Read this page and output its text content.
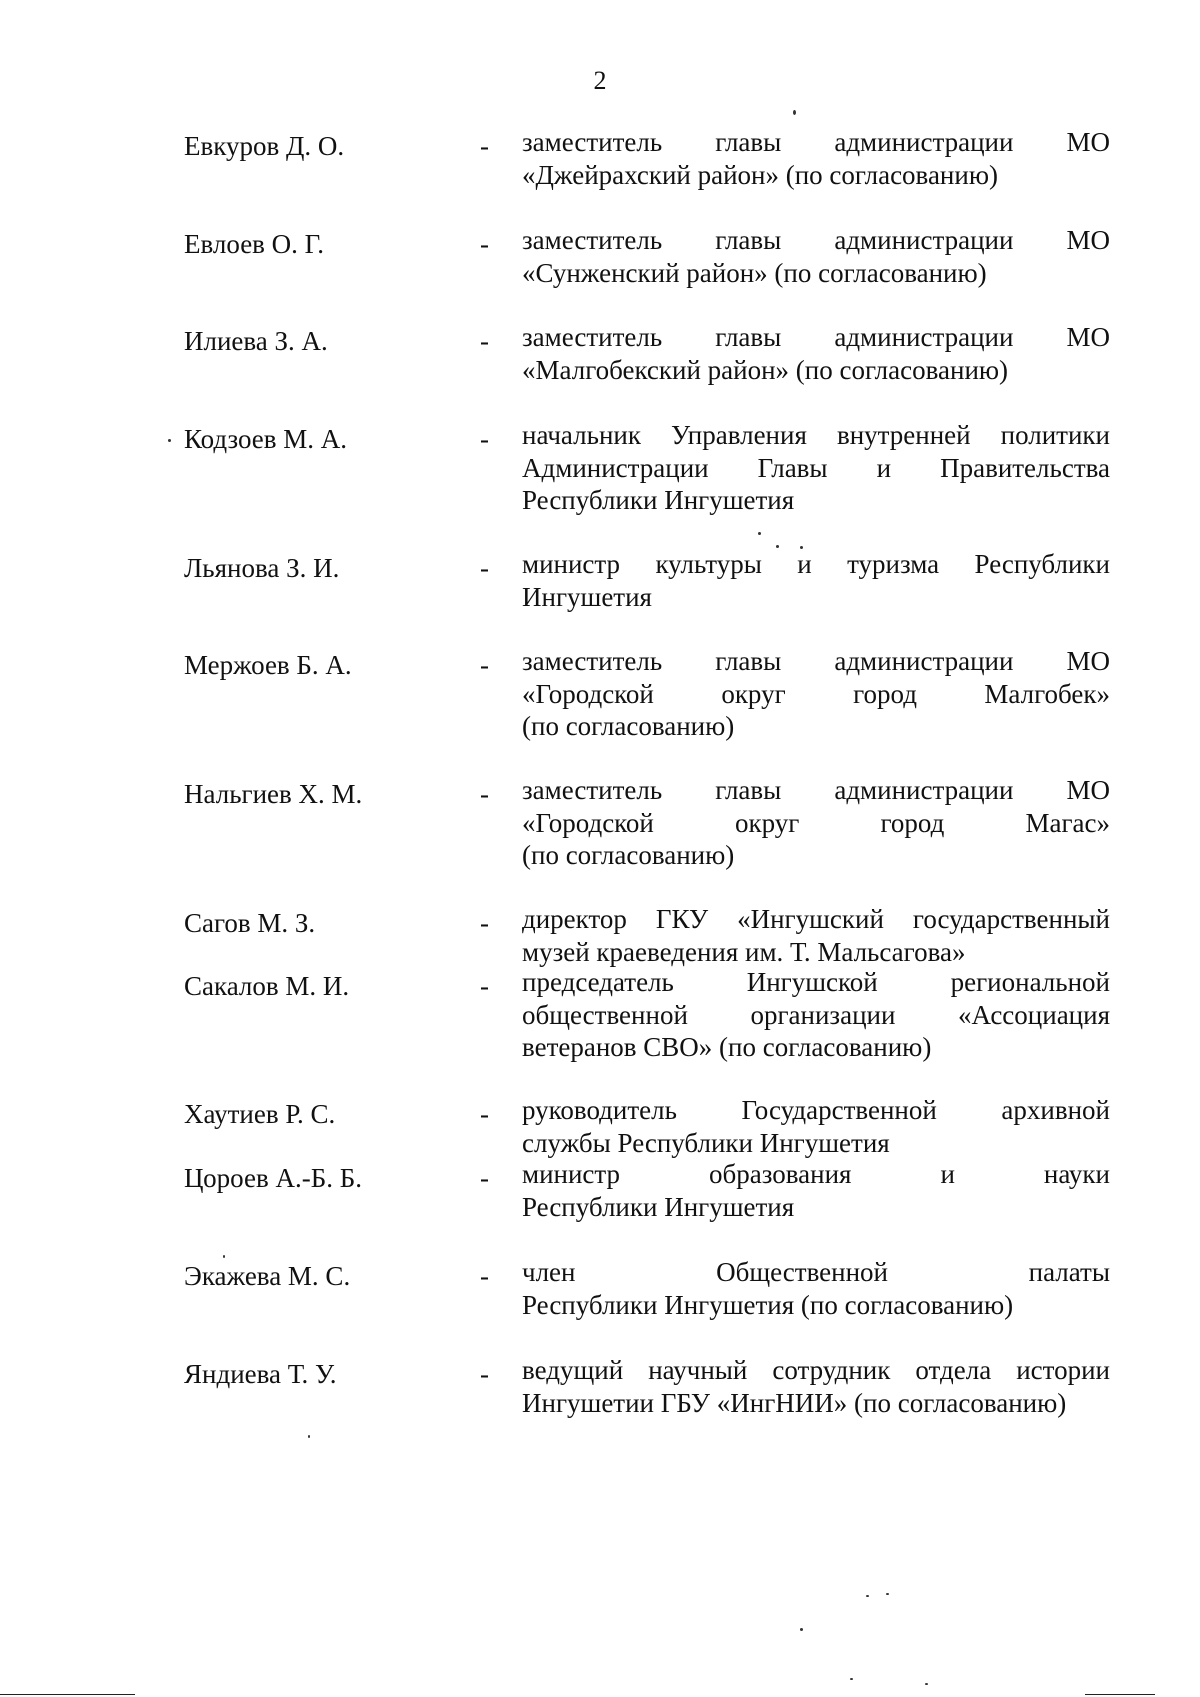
2
Евкуров Д. О.	- заместитель главы администрации МО
«Джейрахский район» (по согласованию)
Евлоев О. Г.	- заместитель главы администрации МО
«Сунженский район» (по согласованию)
Илиева З. А.	- заместитель главы администрации МО
«Малгобекский район» (по согласованию)
Кодзоев М. А.	- начальник Управления внутренней политики
Администрации Главы и Правительства
Республики Ингушетия
Льянова З. И.	- министр культуры и туризма Республики
Ингушетия
Мержоев Б. А.	- заместитель главы администрации МО
«Городской округ город Малгобек»
(по согласованию)
Нальгиев Х. М.	- заместитель главы администрации МО
«Городской округ город Магас»
(по согласованию)
Сагов М. З.	- директор ГКУ «Ингушский государственный
музей краеведения им. Т. Мальсагова»
Сакалов М. И.	- председатель Ингушской региональной
общественной организации «Ассоциация
ветеранов СВО» (по согласованию)
Хаутиев Р. С.	- руководитель Государственной архивной
службы Республики Ингушетия
Цороев А.-Б. Б.	- министр образования и науки
Республики Ингушетия
Экажева М. С.	- член Общественной палаты
Республики Ингушетия (по согласованию)
Яндиева Т. У.	- ведущий научный сотрудник отдела истории
Ингушетии ГБУ «ИнгНИИ» (по согласованию)
